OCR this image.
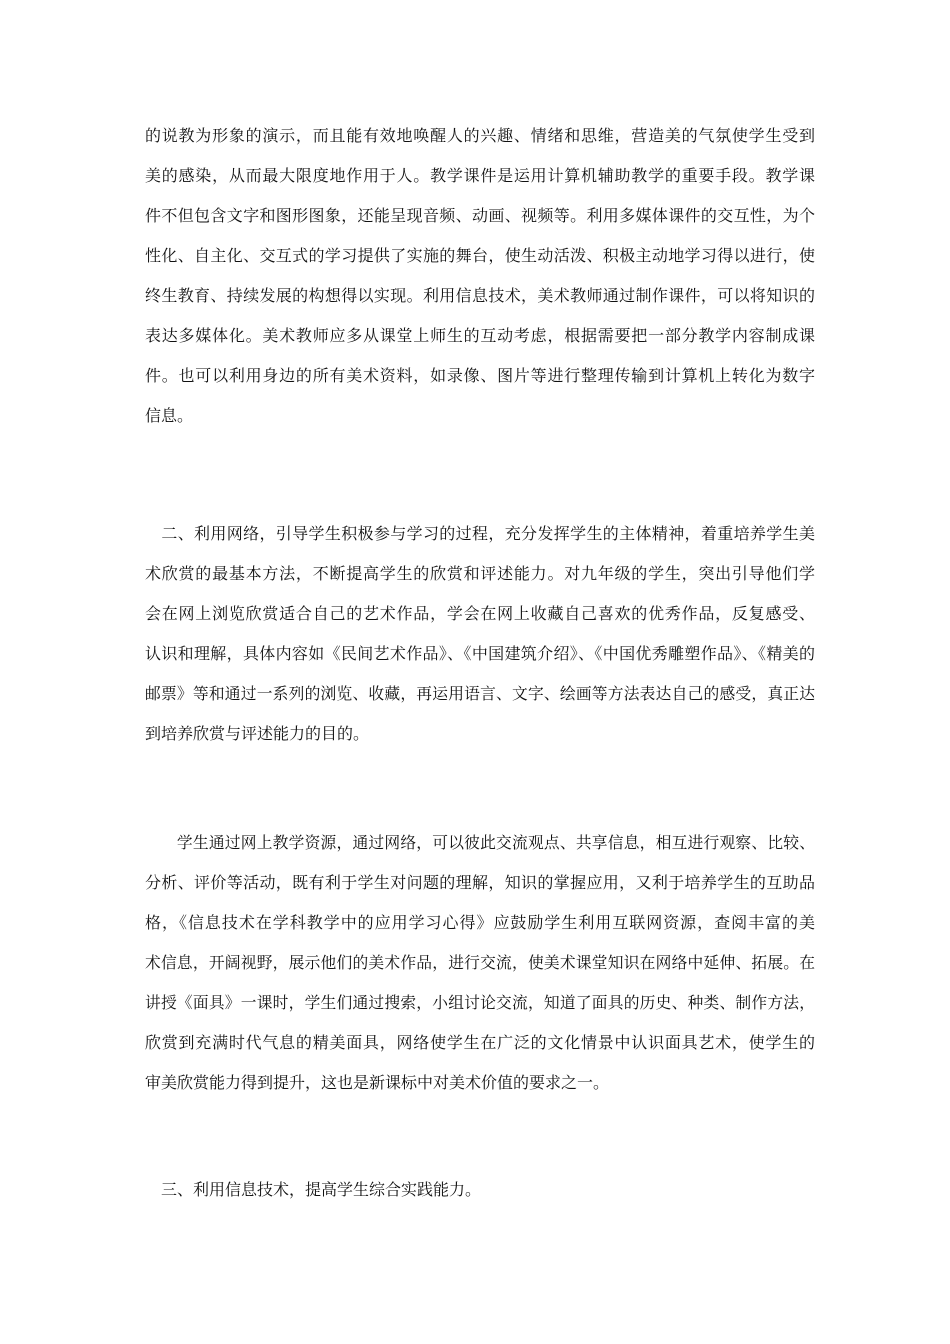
的说教为形象的演示，而且能有效地唤醒人的兴趣、情绪和思维，营造美的气氛使学生受到
美的感染，从而最大限度地作用于人。教学课件是运用计算机辅助教学的重要手段。教学课
件不但包含文字和图形图象，还能呈现音频、动画、视频等。利用多媒体课件的交互性，为个
性化、自主化、交互式的学习提供了实施的舞台，使生动活泼、积极主动地学习得以进行，使
终生教育、持续发展的构想得以实现。利用信息技术，美术教师通过制作课件，可以将知识的
表达多媒体化。美术教师应多从课堂上师生的互动考虑，根据需要把一部分教学内容制成课
件。也可以利用身边的所有美术资料，如录像、图片等进行整理传输到计算机上转化为数字
信息。
　二、利用网络，引导学生积极参与学习的过程，充分发挥学生的主体精神，着重培养学生美
术欣赏的最基本方法，不断提高学生的欣赏和评述能力。对九年级的学生，突出引导他们学
会在网上浏览欣赏适合自己的艺术作品，学会在网上收藏自己喜欢的优秀作品，反复感受、
认识和理解，具体内容如《民间艺术作品》、《中国建筑介绍》、《中国优秀雕塑作品》、《精美的
邮票》等和通过一系列的浏览、收藏，再运用语言、文字、绘画等方法表达自己的感受，真正达
到培养欣赏与评述能力的目的。
　　学生通过网上教学资源，通过网络，可以彼此交流观点、共享信息，相互进行观察、比较、
分析、评价等活动，既有利于学生对问题的理解，知识的掌握应用，又利于培养学生的互助品
格，《信息技术在学科教学中的应用学习心得》应鼓励学生利用互联网资源，查阅丰富的美
术信息，开阔视野，展示他们的美术作品，进行交流，使美术课堂知识在网络中延伸、拓展。在
讲授《面具》一课时，学生们通过搜索，小组讨论交流，知道了面具的历史、种类、制作方法，
欣赏到充满时代气息的精美面具，网络使学生在广泛的文化情景中认识面具艺术，使学生的
审美欣赏能力得到提升，这也是新课标中对美术价值的要求之一。
　三、利用信息技术，提高学生综合实践能力。
